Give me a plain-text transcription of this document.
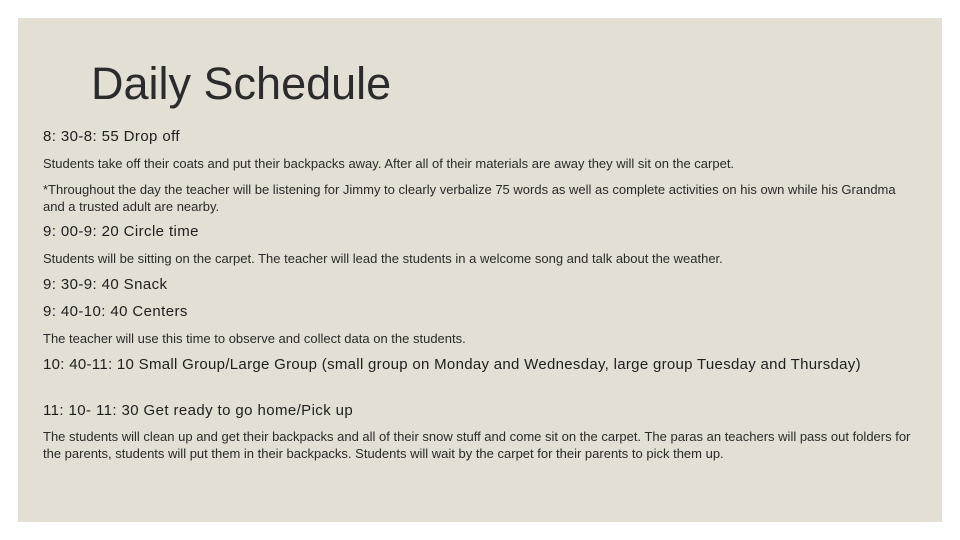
Daily Schedule

8: 30-8: 55 Drop off

Students take off their coats and put their backpacks away. After all of their materials are away they will sit on the carpet.

*Throughout the day the teacher will be listening for Jimmy to clearly verbalize 75 words as well as complete activities on his own while his Grandma and a trusted adult are nearby.

9: 00-9: 20 Circle time

Students will be sitting on the carpet. The teacher will lead the students in a welcome song and talk about the weather.

9: 30-9: 40 Snack

9: 40-10: 40 Centers

The teacher will use this time to observe and collect data on the students.

10: 40-11: 10 Small Group/Large Group (small group on Monday and Wednesday, large group Tuesday and Thursday)

11: 10- 11: 30 Get ready to go home/Pick up

The students will clean up and get their backpacks and all of their snow stuff and come sit on the carpet. The paras an teachers will pass out folders for the parents, students will put them in their backpacks. Students will wait by the carpet for their parents to pick them up.
